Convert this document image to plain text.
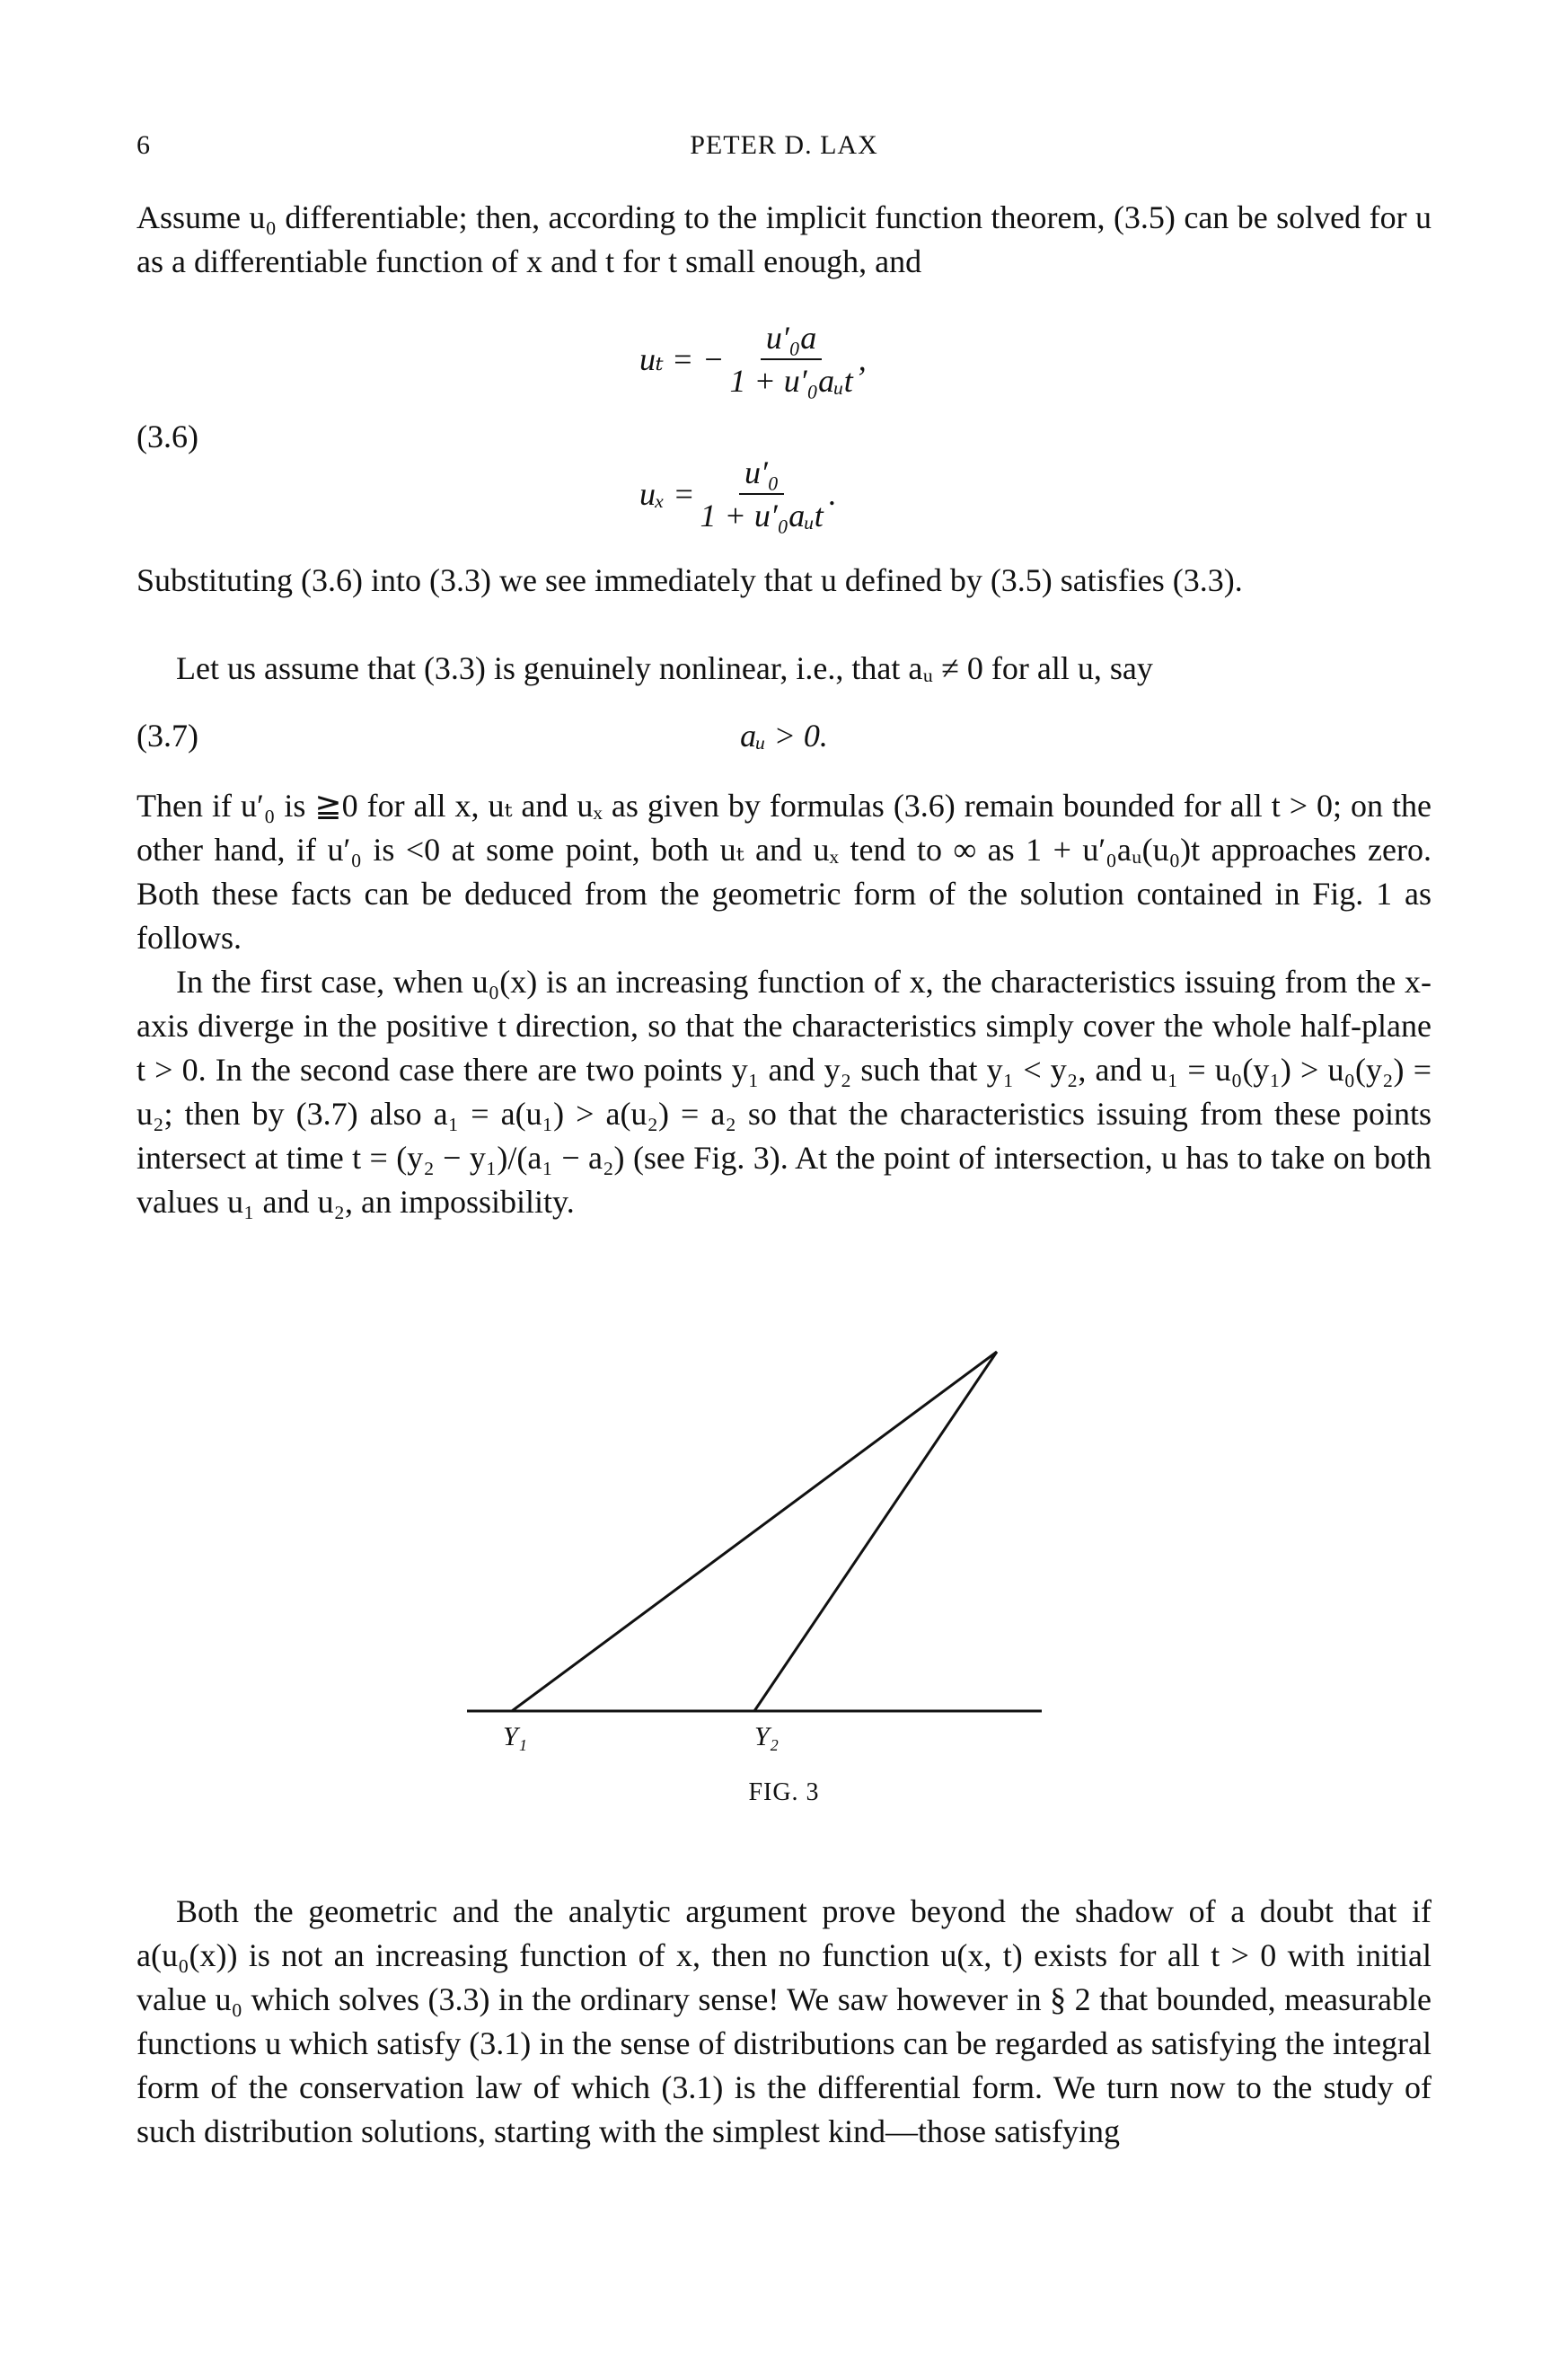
6	PETER D. LAX

Assume u₀ differentiable; then, according to the implicit function theorem, (3.5) can be solved for u as a differentiable function of x and t for t small enough, and

(3.6)
uₜ = − $\frac{\text{u′₀a}}{\text{1 + u′₀aᵤt}}$ ,
$u_x = \frac{\text{u′₀}}{\text{1 + u′₀aᵤt}}$ .

Substituting (3.6) into (3.3) we see immediately that u defined by (3.5) satisfies (3.3).

Let us assume that (3.3) is genuinely nonlinear, i.e., that aᵤ ≠ 0 for all u, say

(3.7)	aᵤ > 0.

Then if u′₀ is ≧0 for all x, uₜ and uₓ as given by formulas (3.6) remain bounded for all t > 0; on the other hand, if u′₀ is <0 at some point, both uₜ and uₓ tend to ∞ as 1 + u′₀aᵤ(u₀)t approaches zero. Both these facts can be deduced from the geometric form of the solution contained in Fig. 1 as follows.

In the first case, when u₀(x) is an increasing function of x, the characteristics issuing from the x-axis diverge in the positive t direction, so that the characteristics simply cover the whole half-plane t > 0. In the second case there are two points y₁ and y₂ such that y₁ < y₂, and u₁ = u₀(y₁) > u₀(y₂) = u₂; then by (3.7) also a₁ = a(u₁) > a(u₂) = a₂ so that the characteristics issuing from these points intersect at time t = (y₂ − y₁)/(a₁ − a₂) (see Fig. 3). At the point of intersection, u has to take on both values u₁ and u₂, an impossibility.

Y₁	Y₂
FIG. 3

Both the geometric and the analytic argument prove beyond the shadow of a doubt that if a(u₀(x)) is not an increasing function of x, then no function u(x, t) exists for all t > 0 with initial value u₀ which solves (3.3) in the ordinary sense! We saw however in § 2 that bounded, measurable functions u which satisfy (3.1) in the sense of distributions can be regarded as satisfying the integral form of the conservation law of which (3.1) is the differential form. We turn now to the study of such distribution solutions, starting with the simplest kind—those satisfying
